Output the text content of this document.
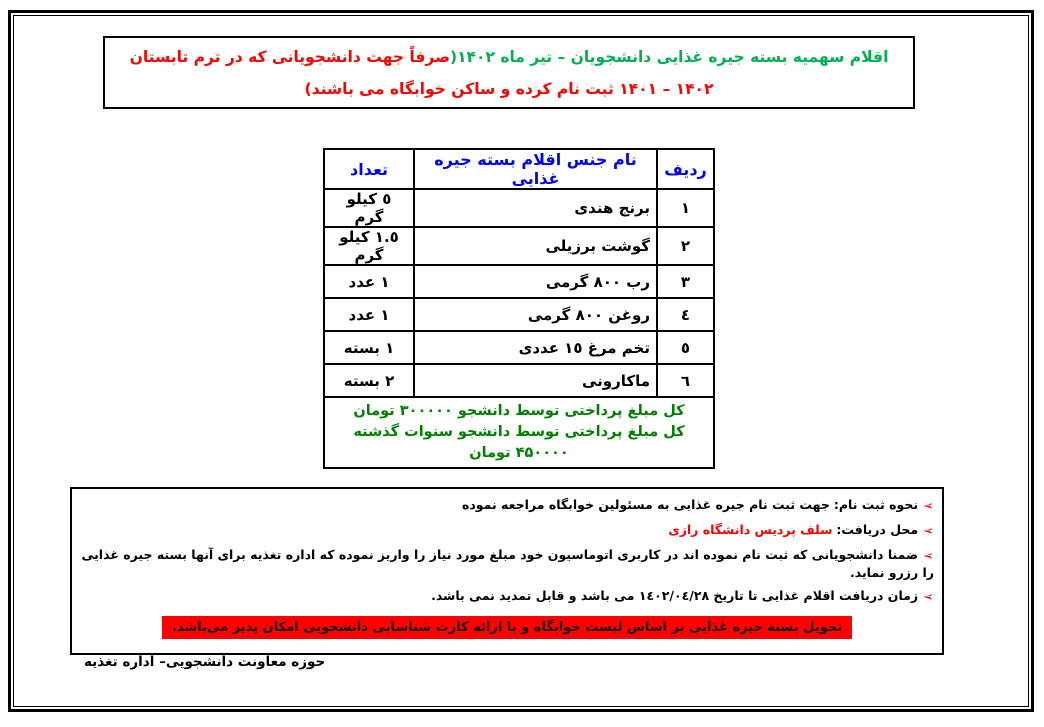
اقلام سهمیه بسته جیره غذایی دانشجویان – تیر ماه ۱۴۰۲(صرفاً جهت دانشجویانی که در ترم تابستان ۱۴۰۲ – ۱۴۰۱ ثبت نام کرده و ساکن خوابگاه می باشند)
ردیف	نام جنس اقلام بسته جیره غذایی	تعداد
۱	برنج هندی	٥ کیلو گرم
۲	گوشت برزیلی	١.٥ کیلو گرم
۳	رب ٨٠٠ گرمی	١ عدد
٤	روغن ٨٠٠ گرمی	١ عدد
٥	تخم مرغ ١٥ عددی	١ بسته
٦	ماکارونی	٢ بسته

کل مبلغ پرداختی توسط دانشجو ۳۰۰۰۰۰ تومان
کل مبلغ پرداختی توسط دانشجو سنوات گذشته ۴۵۰۰۰۰ تومان		
➢نحوه ثبت نام:جهت ثبت نام جیره غذایی به مسئولین خوابگاه مراجعه نموده
➢محل دریافت:سلف پردیس دانشگاه رازی
➢ضمنا دانشجویانی که ثبت نام نموده اند در کاربری اتوماسیون خود مبلغ مورد نیاز را واریز نموده که اداره تغذیه برای آنها بسته جیره غذایی را رزرو نماید.
➢زمان دریافت اقلام غذایی تا تاریخ ١٤٠٢/٠٤/٢٨ می باشد و قابل تمدید نمی باشد.
تحویل بسته جیره غذایی بر اساس لیست خوابگاه و با ارائه کارت شناسایی دانشجویی امکان پذیر می‌باشد.
حوزه معاونت دانشجویی– اداره تغذیه
